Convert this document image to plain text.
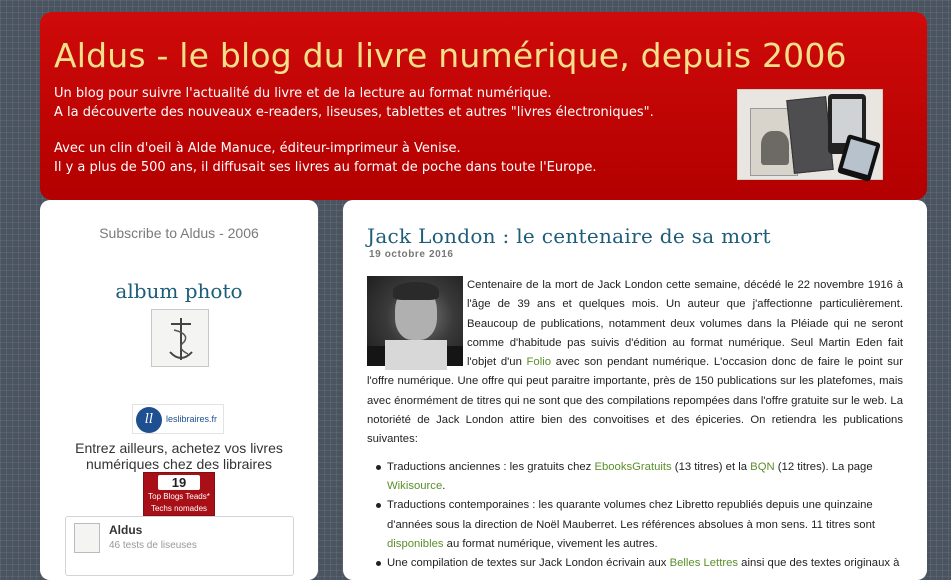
Aldus - le blog du livre numérique, depuis 2006

Un blog pour suivre l'actualité du livre et de la lecture au format numérique.

A la découverte des nouveaux e-readers, liseuses, tablettes et autres "livres électroniques".

Avec un clin d'oeil à Alde Manuce, éditeur-imprimeur à Venise.

Il y a plus de 500 ans, il diffusait ses livres au format de poche dans toute l'Europe.

Subscribe to Aldus - 2006
album photo
ll	leslibraires.fr
Entrez ailleurs, achetez vos livres numériques chez des libraires
19
Top Blogs Teads*
Techs nomades
Aldus
46 tests de liseuses
Jack London : le centenaire de sa mort
19 octobre 2016

Centenaire de la mort de Jack London cette semaine, décédé le 22 novembre 1916 à l'âge de 39 ans et quelques mois. Un auteur que j'affectionne particulièrement. Beaucoup de publications, notamment deux volumes dans la Pléiade qui ne seront comme d'habitude pas suivis d'édition au format numérique. Seul Martin Eden fait l'objet d'un Folio avec son pendant numérique. L'occasion donc de faire le point sur l'offre numérique. Une offre qui peut paraitre importante, près de 150 publications sur les platefomes, mais avec énormément de titres qui ne sont que des compilations repompées dans l'offre gratuite sur le web. La notoriété de Jack London attire bien des convoitises et des épiceries. On retiendra les publications suivantes:

Traductions anciennes : les gratuits chez EbooksGratuits (13 titres) et la BQN (12 titres). La page Wikisource.
Traductions contemporaines : les quarante volumes chez Libretto republiés depuis une quinzaine d'années sous la direction de Noël Mauberret. Les références absolues à mon sens. 11 titres sont disponibles au format numérique, vivement les autres.
Une compilation de textes sur Jack London écrivain aux Belles Lettres ainsi que des textes originaux à
